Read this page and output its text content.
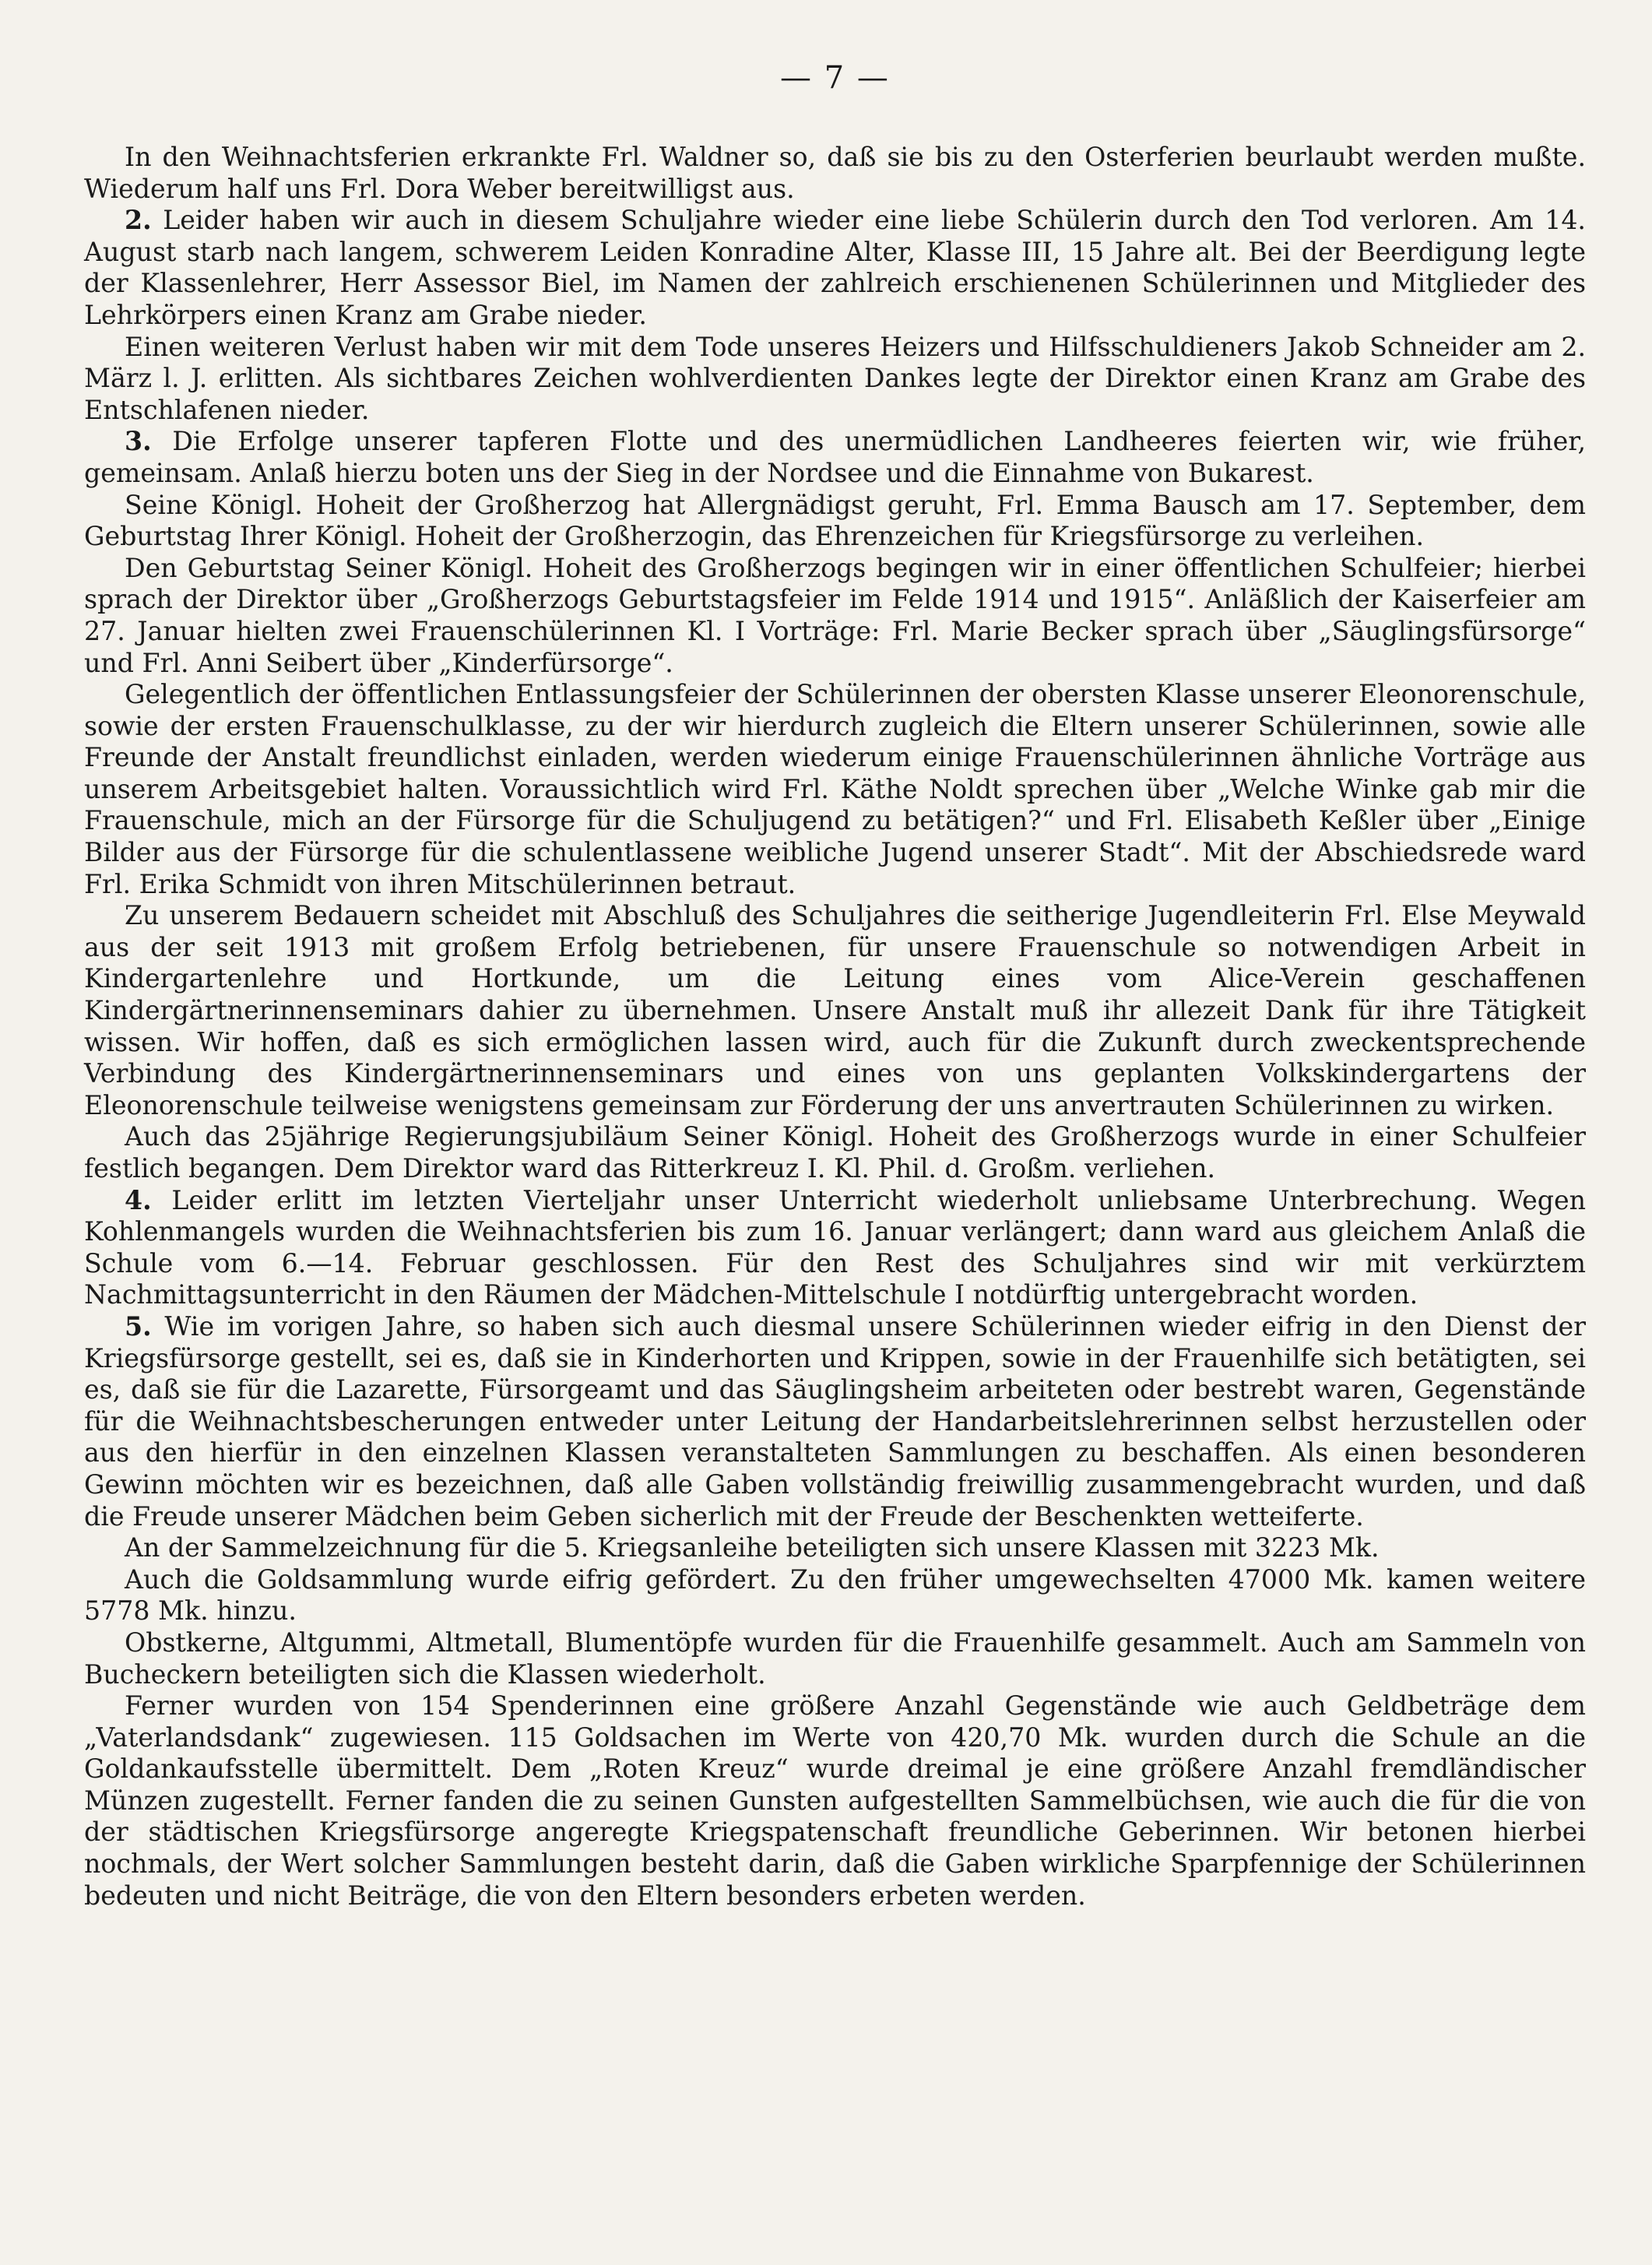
— 7 —

In den Weihnachtsferien erkrankte Frl. Waldner so, daß sie bis zu den Osterferien beurlaubt werden mußte. Wiederum half uns Frl. Dora Weber bereitwilligst aus.

2. Leider haben wir auch in diesem Schuljahre wieder eine liebe Schülerin durch den Tod verloren. Am 14. August starb nach langem, schwerem Leiden Konradine Alter, Klasse III, 15 Jahre alt. Bei der Beerdigung legte der Klassenlehrer, Herr Assessor Biel, im Namen der zahlreich erschienenen Schülerinnen und Mitglieder des Lehrkörpers einen Kranz am Grabe nieder.

Einen weiteren Verlust haben wir mit dem Tode unseres Heizers und Hilfsschuldieners Jakob Schneider am 2. März l. J. erlitten. Als sichtbares Zeichen wohlverdienten Dankes legte der Direktor einen Kranz am Grabe des Entschlafenen nieder.

3. Die Erfolge unserer tapferen Flotte und des unermüdlichen Landheeres feierten wir, wie früher, gemeinsam. Anlaß hierzu boten uns der Sieg in der Nordsee und die Einnahme von Bukarest.

Seine Königl. Hoheit der Großherzog hat Allergnädigst geruht, Frl. Emma Bausch am 17. September, dem Geburtstag Ihrer Königl. Hoheit der Großherzogin, das Ehrenzeichen für Kriegsfürsorge zu verleihen.

Den Geburtstag Seiner Königl. Hoheit des Großherzogs begingen wir in einer öffentlichen Schulfeier; hierbei sprach der Direktor über „Großherzogs Geburtstagsfeier im Felde 1914 und 1915“. Anläßlich der Kaiserfeier am 27. Januar hielten zwei Frauenschülerinnen Kl. I Vorträge: Frl. Marie Becker sprach über „Säuglingsfürsorge“ und Frl. Anni Seibert über „Kinderfürsorge“.

Gelegentlich der öffentlichen Entlassungsfeier der Schülerinnen der obersten Klasse unserer Eleonorenschule, sowie der ersten Frauenschulklasse, zu der wir hierdurch zugleich die Eltern unserer Schülerinnen, sowie alle Freunde der Anstalt freundlichst einladen, werden wiederum einige Frauenschülerinnen ähnliche Vorträge aus unserem Arbeitsgebiet halten. Voraussichtlich wird Frl. Käthe Noldt sprechen über „Welche Winke gab mir die Frauenschule, mich an der Fürsorge für die Schuljugend zu betätigen?“ und Frl. Elisabeth Keßler über „Einige Bilder aus der Fürsorge für die schulentlassene weibliche Jugend unserer Stadt“. Mit der Abschiedsrede ward Frl. Erika Schmidt von ihren Mitschülerinnen betraut.

Zu unserem Bedauern scheidet mit Abschluß des Schuljahres die seitherige Jugendleiterin Frl. Else Meywald aus der seit 1913 mit großem Erfolg betriebenen, für unsere Frauenschule so notwendigen Arbeit in Kindergartenlehre und Hortkunde, um die Leitung eines vom Alice-Verein geschaffenen Kindergärtnerinnenseminars dahier zu übernehmen. Unsere Anstalt muß ihr allezeit Dank für ihre Tätigkeit wissen. Wir hoffen, daß es sich ermöglichen lassen wird, auch für die Zukunft durch zweckentsprechende Verbindung des Kindergärtnerinnenseminars und eines von uns geplanten Volkskindergartens der Eleonorenschule teilweise wenigstens gemeinsam zur Förderung der uns anvertrauten Schülerinnen zu wirken.

Auch das 25jährige Regierungsjubiläum Seiner Königl. Hoheit des Großherzogs wurde in einer Schulfeier festlich begangen. Dem Direktor ward das Ritterkreuz I. Kl. Phil. d. Großm. verliehen.

4. Leider erlitt im letzten Vierteljahr unser Unterricht wiederholt unliebsame Unterbrechung. Wegen Kohlenmangels wurden die Weihnachtsferien bis zum 16. Januar verlängert; dann ward aus gleichem Anlaß die Schule vom 6.—14. Februar geschlossen. Für den Rest des Schuljahres sind wir mit verkürztem Nachmittagsunterricht in den Räumen der Mädchen-Mittelschule I notdürftig untergebracht worden.

5. Wie im vorigen Jahre, so haben sich auch diesmal unsere Schülerinnen wieder eifrig in den Dienst der Kriegsfürsorge gestellt, sei es, daß sie in Kinderhorten und Krippen, sowie in der Frauenhilfe sich betätigten, sei es, daß sie für die Lazarette, Fürsorgeamt und das Säuglingsheim arbeiteten oder bestrebt waren, Gegenstände für die Weihnachtsbescherungen entweder unter Leitung der Handarbeitslehrerinnen selbst herzustellen oder aus den hierfür in den einzelnen Klassen veranstalteten Sammlungen zu beschaffen. Als einen besonderen Gewinn möchten wir es bezeichnen, daß alle Gaben vollständig freiwillig zusammengebracht wurden, und daß die Freude unserer Mädchen beim Geben sicherlich mit der Freude der Beschenkten wetteiferte.

An der Sammelzeichnung für die 5. Kriegsanleihe beteiligten sich unsere Klassen mit 3223 Mk.

Auch die Goldsammlung wurde eifrig gefördert. Zu den früher umgewechselten 47000 Mk. kamen weitere 5778 Mk. hinzu.

Obstkerne, Altgummi, Altmetall, Blumentöpfe wurden für die Frauenhilfe gesammelt. Auch am Sammeln von Bucheckern beteiligten sich die Klassen wiederholt.

Ferner wurden von 154 Spenderinnen eine größere Anzahl Gegenstände wie auch Geldbeträge dem „Vaterlandsdank“ zugewiesen. 115 Goldsachen im Werte von 420,70 Mk. wurden durch die Schule an die Goldankaufsstelle übermittelt. Dem „Roten Kreuz“ wurde dreimal je eine größere Anzahl fremdländischer Münzen zugestellt. Ferner fanden die zu seinen Gunsten aufgestellten Sammelbüchsen, wie auch die für die von der städtischen Kriegsfürsorge angeregte Kriegspatenschaft freundliche Geberinnen. Wir betonen hierbei nochmals, der Wert solcher Sammlungen besteht darin, daß die Gaben wirkliche Sparpfennige der Schülerinnen bedeuten und nicht Beiträge, die von den Eltern besonders erbeten werden.
